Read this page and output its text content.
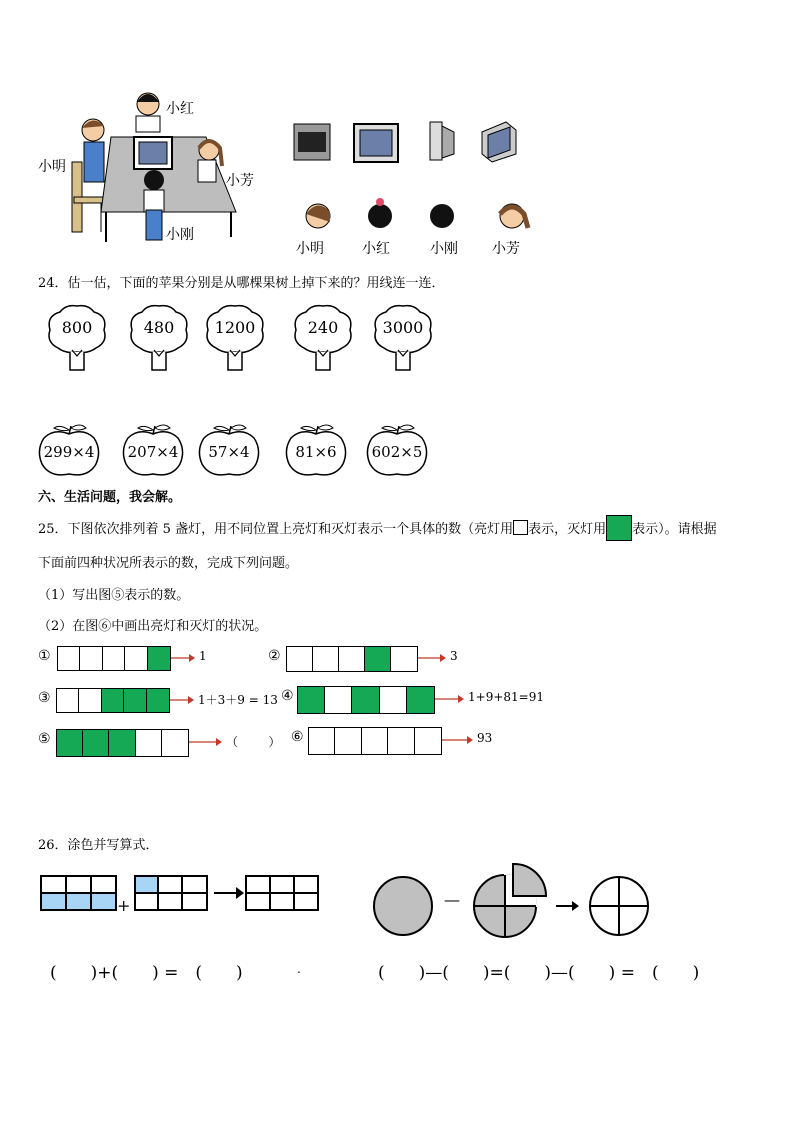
小红
小明
小芳
小刚
小明	小红	小刚 小芳
24．估一估，下面的苹果分别是从哪棵果树上掉下来的？用线连一连．
800	480	1200	240	3000
299×4	207×4	57×4	81×6	602×5
六、生活问题，我会解。
25．下图依次排列着 5 盏灯，用不同位置上亮灯和灭灯表示一个具体的数（亮灯用 表示，灭灯用 表示）。请根据
下面前四种状况所表示的数，完成下列问题。
（1）写出图⑤表示的数。
（2）在图⑥中画出亮灯和灭灯的状况。
①	1	②	3
③	1＋3＋9 = 13 ④	1+9+81=91
⑤	（        ） ⑥	93
26．涂色并写算式．
+	—
(　　)+(　　) =　(　　)	.	(　　)—(　　)=(　　)—(　　) =　(　　)
